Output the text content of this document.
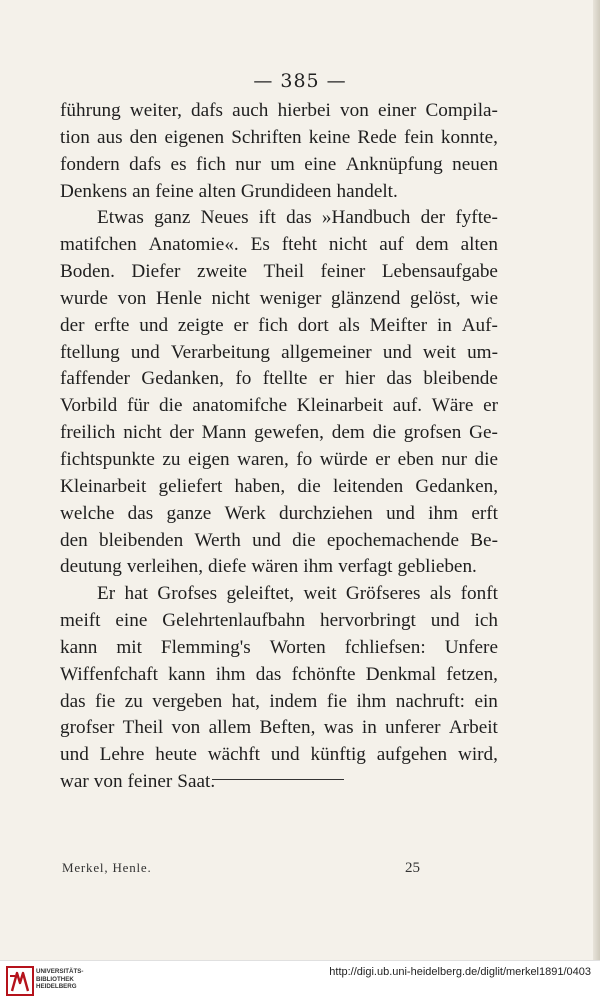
— 385 —
führung weiter, dafs auch hierbei von einer Compila-
tion aus den eigenen Schriften keine Rede fein konnte,
fondern dafs es fich nur um eine Anknüpfung neuen
Denkens an feine alten Grundideen handelt.
Etwas ganz Neues ift das »Handbuch der fyfte-
matifchen Anatomie«. Es fteht nicht auf dem alten
Boden. Diefer zweite Theil feiner Lebensaufgabe
wurde von Henle nicht weniger glänzend gelöst, wie
der erfte und zeigte er fich dort als Meifter in Auf-
ftellung und Verarbeitung allgemeiner und weit um-
faffender Gedanken, fo ftellte er hier das bleibende
Vorbild für die anatomifche Kleinarbeit auf. Wäre er
freilich nicht der Mann gewefen, dem die grofsen Ge-
fichtspunkte zu eigen waren, fo würde er eben nur die
Kleinarbeit geliefert haben, die leitenden Gedanken,
welche das ganze Werk durchziehen und ihm erft
den bleibenden Werth und die epochemachende Be-
deutung verleihen, diefe wären ihm verfagt geblieben.
Er hat Grofses geleiftet, weit Gröfseres als fonft
meift eine Gelehrtenlaufbahn hervorbringt und ich
kann mit Flemming's Worten fchliefsen: Unfere
Wiffenfchaft kann ihm das fchönfte Denkmal fetzen,
das fie zu vergeben hat, indem fie ihm nachruft: ein
grofser Theil von allem Beften, was in unferer Arbeit
und Lehre heute wächft und künftig aufgehen wird,
war von feiner Saat.
Merkel, Henle.	25
UNIVERSITÄTS-
BIBLIOTHEK
HEIDELBERG
http://digi.ub.uni-heidelberg.de/diglit/merkel1891/0403
